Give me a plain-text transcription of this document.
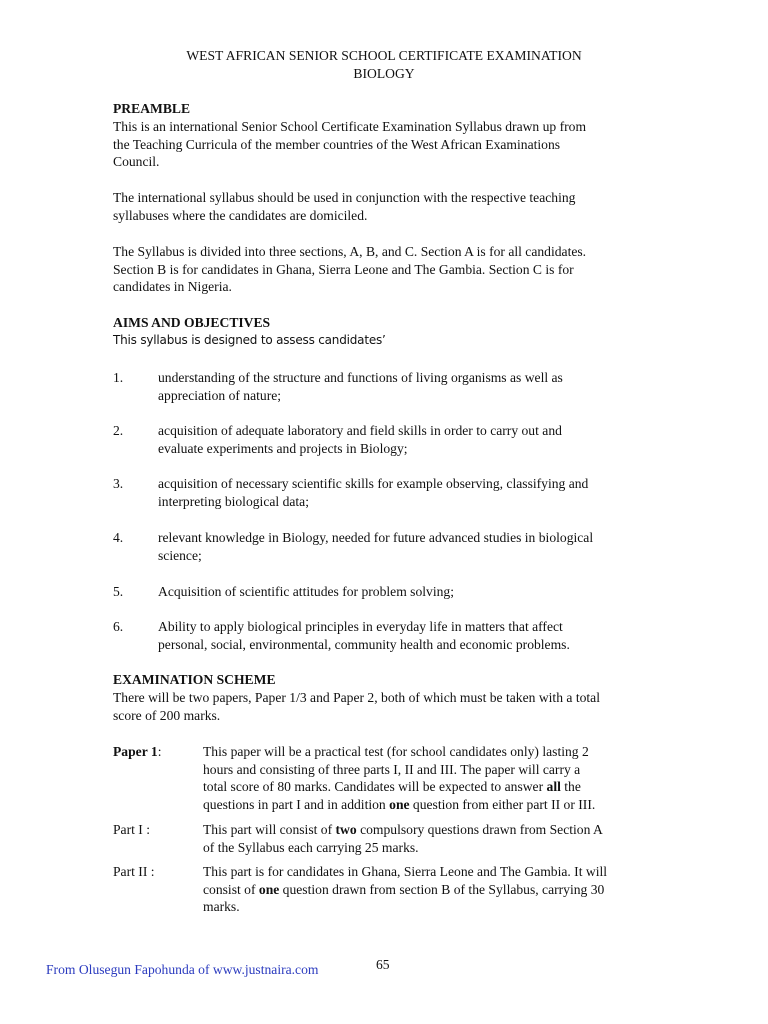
WEST AFRICAN SENIOR SCHOOL CERTIFICATE EXAMINATION
BIOLOGY
PREAMBLE
This is an international Senior School Certificate Examination Syllabus drawn up from
the Teaching Curricula of the member countries of the West African Examinations
Council.
The international syllabus should be used in conjunction with the respective teaching
syllabuses where the candidates are domiciled.
The Syllabus is divided into three sections, A, B, and C. Section A is for all candidates.
Section B is for candidates in Ghana, Sierra Leone and The Gambia. Section C is for
candidates in Nigeria.
AIMS AND OBJECTIVES
This syllabus is designed to assess candidates’
1.	understanding of the structure and functions of living organisms as well as
appreciation of nature;
2.	acquisition of adequate laboratory and field skills in order to carry out and
evaluate experiments and projects in Biology;
3.	acquisition of necessary scientific skills for example observing, classifying and
interpreting biological data;
4.	relevant knowledge in Biology, needed for future advanced studies in biological
science;
5.	Acquisition of scientific attitudes for problem solving;
6.	Ability to apply biological principles in everyday life in matters that affect
personal, social, environmental, community health and economic problems.
EXAMINATION SCHEME
There will be two papers, Paper 1/3 and Paper 2, both of which must be taken with a total
score of 200 marks.
Paper 1:	This paper will be a practical test (for school candidates only) lasting 2
hours and consisting of three parts I, II and III. The paper will carry a
total score of 80 marks. Candidates will be expected to answer all the
questions in part I and in addition one question from either part II or III.
Part I :	This part will consist of two compulsory questions drawn from Section A
of the Syllabus each carrying 25 marks.
Part II :	This part is for candidates in Ghana, Sierra Leone and The Gambia. It will
consist of one question drawn from section B of the Syllabus, carrying 30
marks.
From Olusegun Fapohunda of www.justnaira.com	65
